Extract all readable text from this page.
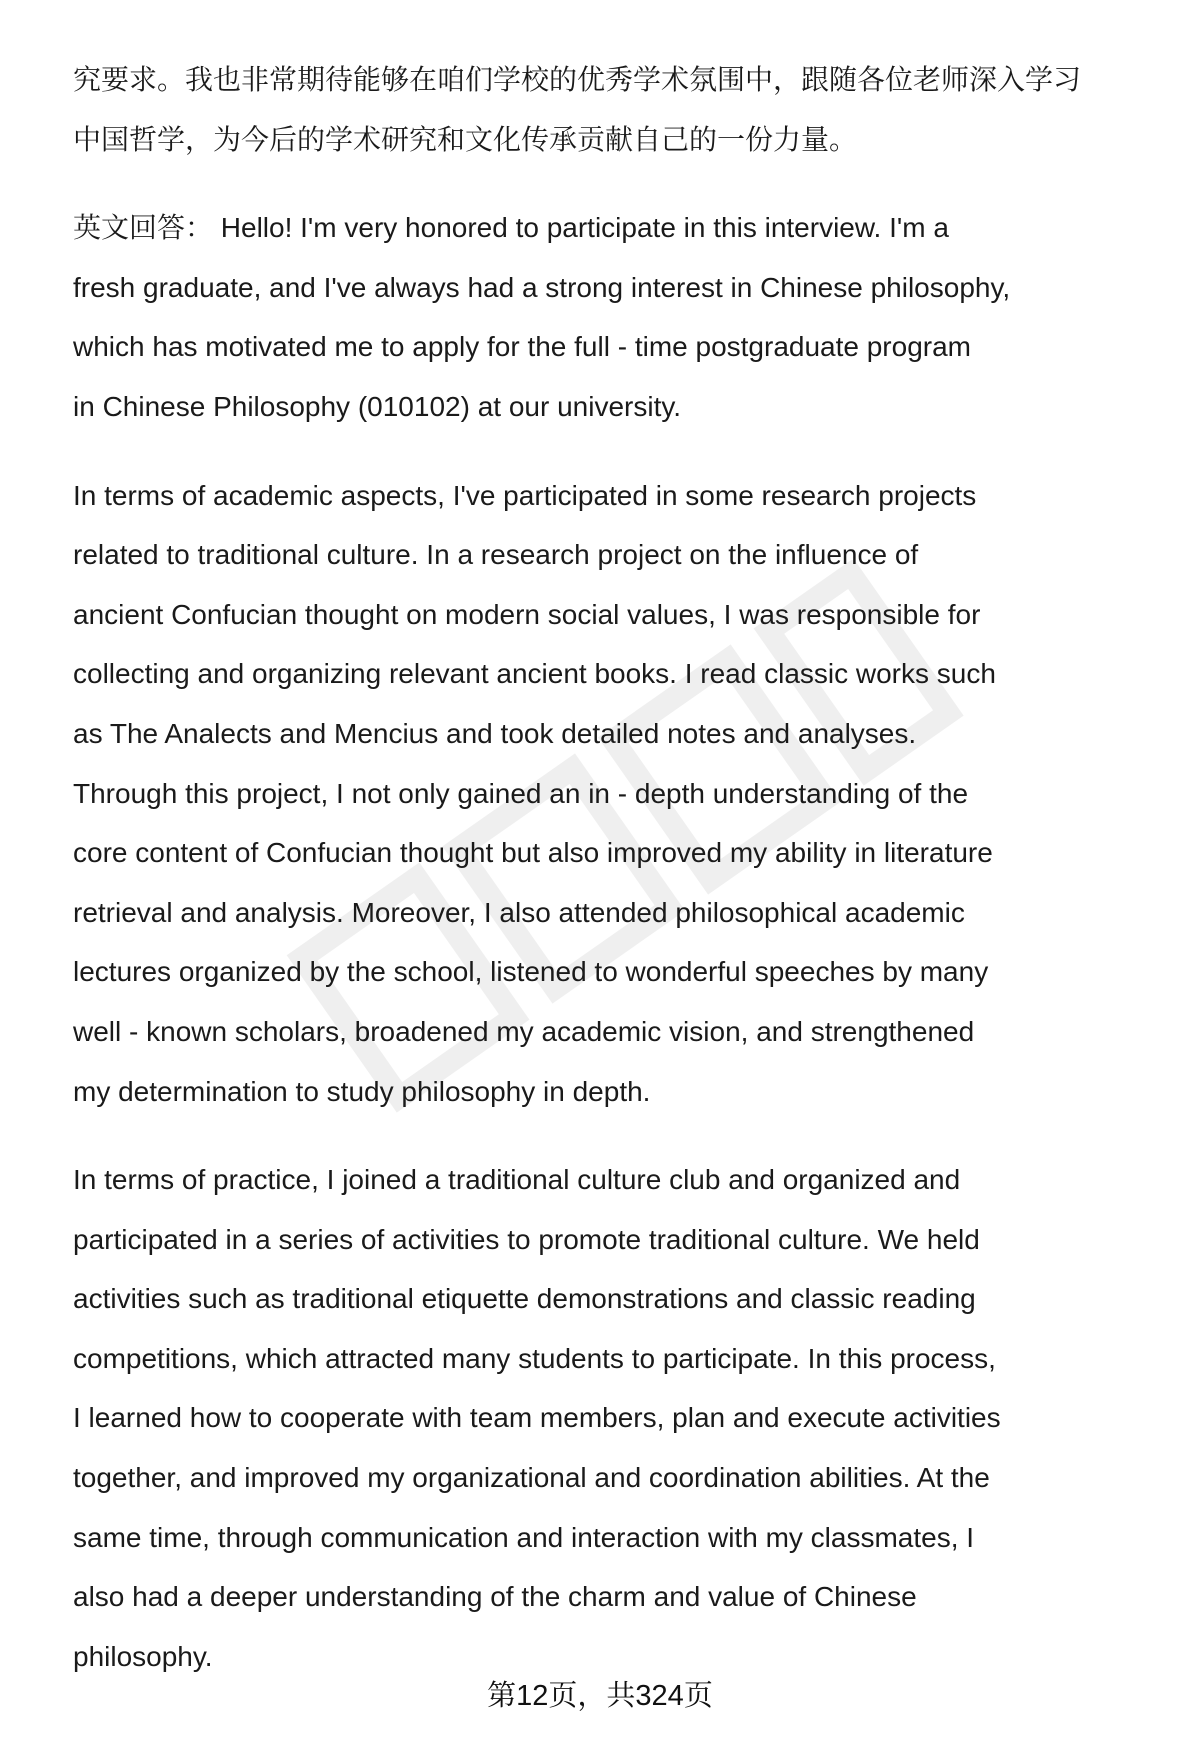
究要求。我也非常期待能够在咱们学校的优秀学术氛围中，跟随各位老师深入学习
中国哲学，为今后的学术研究和文化传承贡献自己的一份力量。
英文回答： Hello! I'm very honored to participate in this interview. I'm a
fresh graduate, and I've always had a strong interest in Chinese philosophy,
which has motivated me to apply for the full - time postgraduate program
in Chinese Philosophy (010102) at our university.
In terms of academic aspects, I've participated in some research projects
related to traditional culture. In a research project on the influence of
ancient Confucian thought on modern social values, I was responsible for
collecting and organizing relevant ancient books. I read classic works such
as The Analects and Mencius and took detailed notes and analyses.
Through this project, I not only gained an in - depth understanding of the
core content of Confucian thought but also improved my ability in literature
retrieval and analysis. Moreover, I also attended philosophical academic
lectures organized by the school, listened to wonderful speeches by many
well - known scholars, broadened my academic vision, and strengthened
my determination to study philosophy in depth.
In terms of practice, I joined a traditional culture club and organized and
participated in a series of activities to promote traditional culture. We held
activities such as traditional etiquette demonstrations and classic reading
competitions, which attracted many students to participate. In this process,
I learned how to cooperate with team members, plan and execute activities
together, and improved my organizational and coordination abilities. At the
same time, through communication and interaction with my classmates, I
also had a deeper understanding of the charm and value of Chinese
philosophy.
第12页，共324页
